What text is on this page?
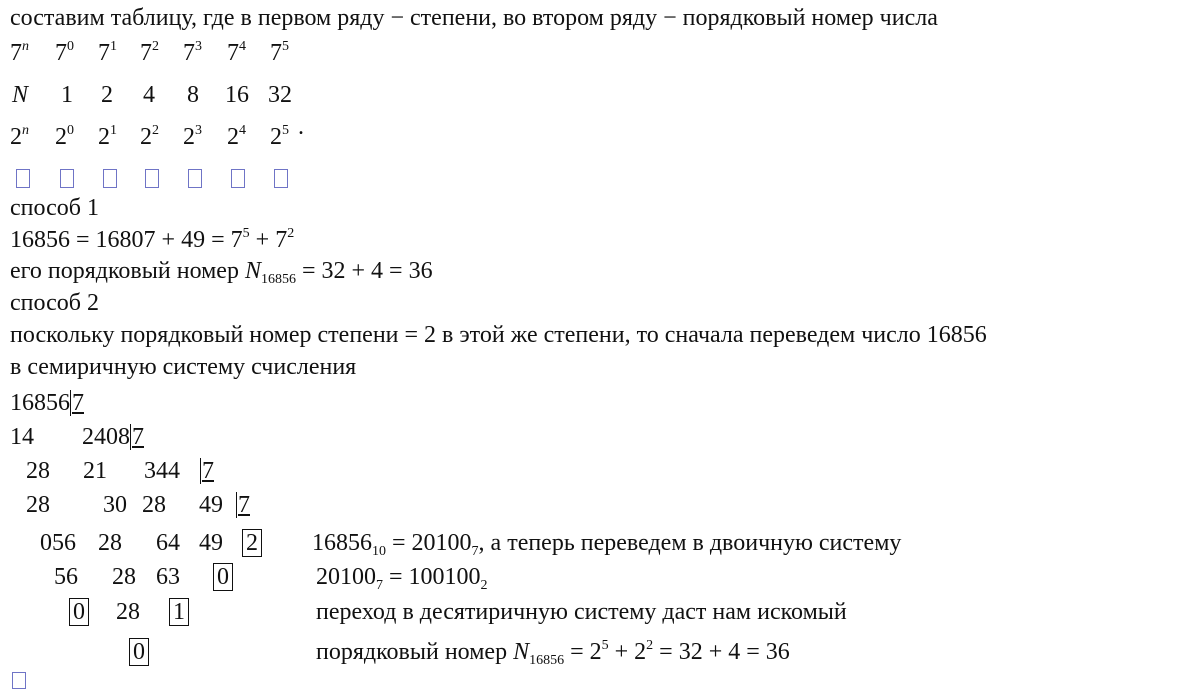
составим таблицу, где в первом ряду − степени, во втором ряду − порядковый номер числа
7$^n$ $7^0$ $7^1$ $7^2$ $7^3$ $7^4$ $7^5$
N 1 2 4 8 16 32
2$^n$ $2^0$ $2^1$ $2^2$ $2^3$ $2^4$ $2^5$ .
способ 1
$16856 = 16807 + 49 = 7^5 + 7^2$
его порядковый номер $N_{16856} = 32 + 4 = 36$
способ 2
поскольку порядковый номер степени = 2 в этой же степени, то сначала переведем число 16856
в семиричную систему счисления
168567
14 24087
28 21 344 7
28 30 28 49 7
056 28 64 49 2
56 28 63 0
0 28 1
0
$16856_{10} = 20100_7$, а теперь переведем в двоичную систему
$20100_7 = 100100_2$
переход в десятиричную систему даст нам искомый
порядковый номер $N_{16856} = 2^5 + 2^2 = 32 + 4 = 36$
